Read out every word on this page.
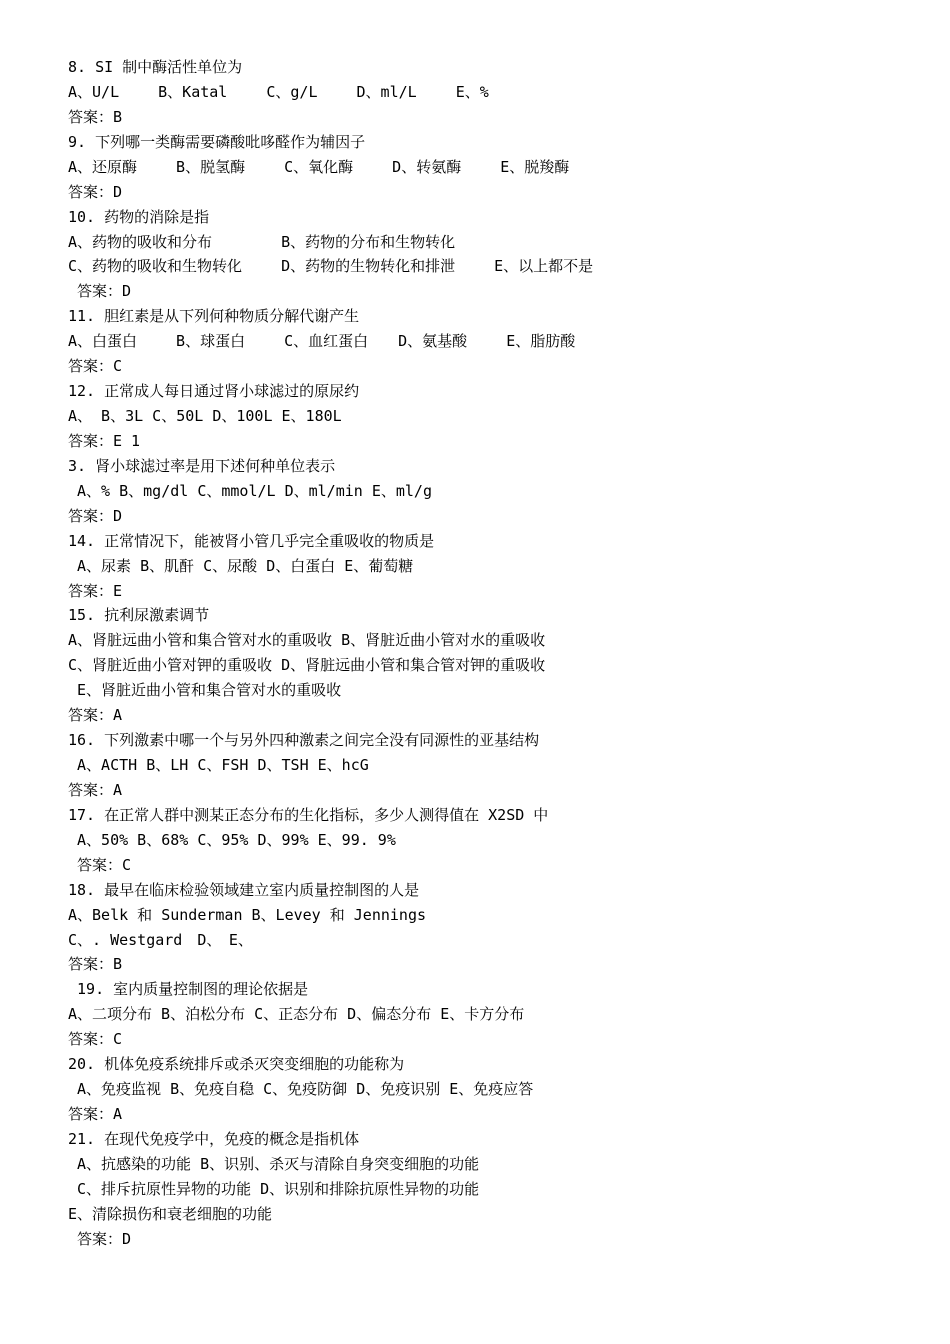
8. SI 制中酶活性单位为
A、U/L　　 B、Katal　　 C、g/L　　 D、ml/L　　 E、%
答案：B
9. 下列哪一类酶需要磷酸吡哆醛作为辅因子
A、还原酶　　 B、脱氢酶　　 C、氧化酶　　 D、转氨酶　　 E、脱羧酶
答案：D
10. 药物的消除是指
A、药物的吸收和分布　　　　 B、药物的分布和生物转化
C、药物的吸收和生物转化　　 D、药物的生物转化和排泄　　 E、以上都不是
答案：D
11. 胆红素是从下列何种物质分解代谢产生
A、白蛋白　　 B、球蛋白　　 C、血红蛋白　　D、氨基酸　　 E、脂肪酸
答案：C
12. 正常成人每日通过肾小球滤过的原尿约
A、 B、3L C、50L D、100L E、180L
答案：E 1
3. 肾小球滤过率是用下述何种单位表示
A、% B、mg/dl C、mmol/L D、ml/min E、ml/g
答案：D
14. 正常情况下，能被肾小管几乎完全重吸收的物质是
A、尿素 B、肌酐 C、尿酸 D、白蛋白 E、葡萄糖
答案：E
15. 抗利尿激素调节
A、肾脏远曲小管和集合管对水的重吸收 B、肾脏近曲小管对水的重吸收
C、肾脏近曲小管对钾的重吸收 D、肾脏远曲小管和集合管对钾的重吸收
E、肾脏近曲小管和集合管对水的重吸收
答案：A
16. 下列激素中哪一个与另外四种激素之间完全没有同源性的亚基结构
A、ACTH B、LH C、FSH D、TSH E、hcG
答案：A
17. 在正常人群中测某正态分布的生化指标，多少人测得值在 X2SD 中
A、50% B、68% C、95% D、99% E、99. 9%
答案：C
18. 最早在临床检验领域建立室内质量控制图的人是
A、Belk 和 Sunderman B、Levey 和 Jennings
C、. Westgard　D、　E、
答案：B
19. 室内质量控制图的理论依据是
A、二项分布 B、泊松分布 C、正态分布 D、偏态分布 E、卡方分布
答案：C
20. 机体免疫系统排斥或杀灭突变细胞的功能称为
A、免疫监视 B、免疫自稳 C、免疫防御 D、免疫识别 E、免疫应答
答案：A
21. 在现代免疫学中，免疫的概念是指机体
A、抗感染的功能 B、识别、杀灭与清除自身突变细胞的功能
C、排斥抗原性异物的功能 D、识别和排除抗原性异物的功能
E、清除损伤和衰老细胞的功能
答案：D
